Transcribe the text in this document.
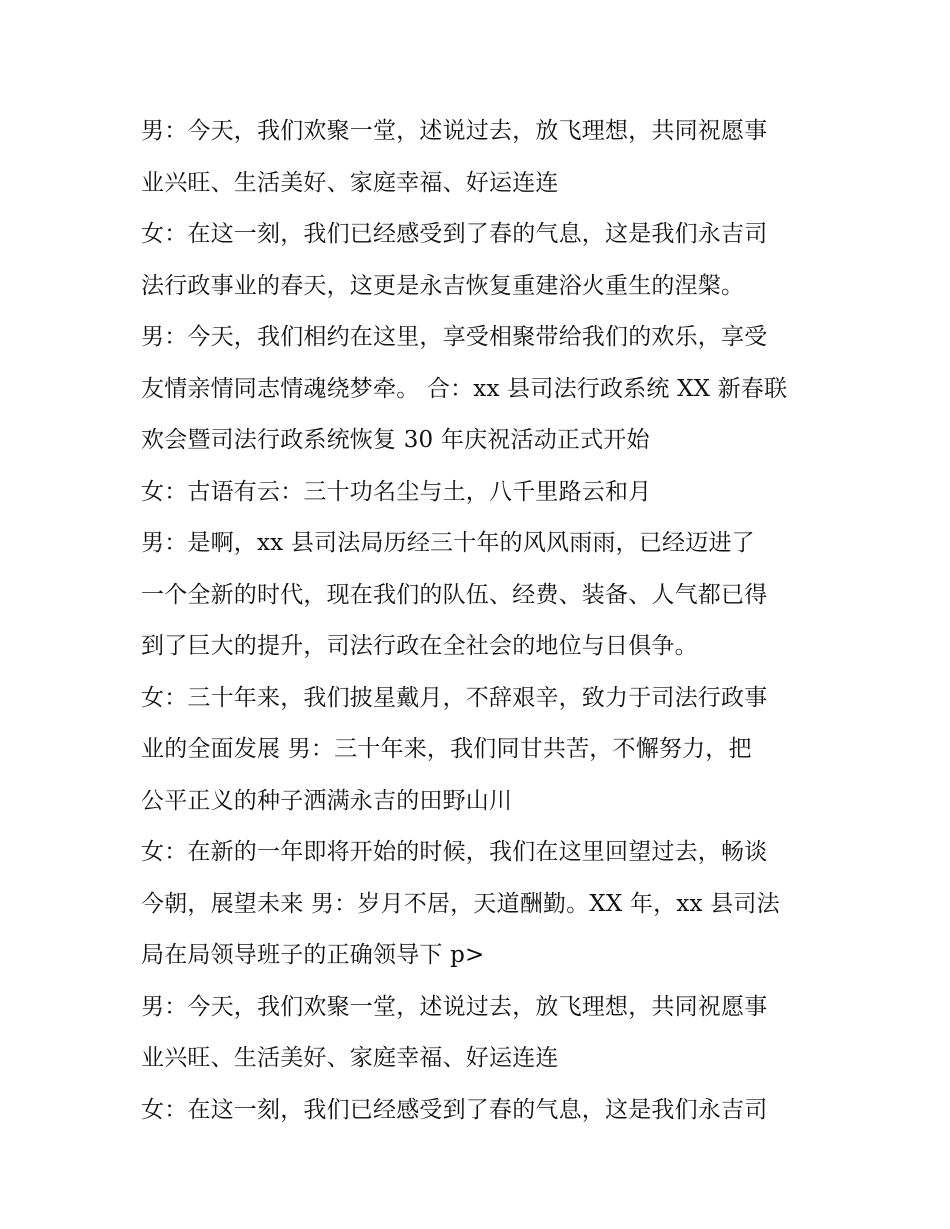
男：今天，我们欢聚一堂，述说过去，放飞理想，共同祝愿事
业兴旺、生活美好、家庭幸福、好运连连
女：在这一刻，我们已经感受到了春的气息，这是我们永吉司
法行政事业的春天，这更是永吉恢复重建浴火重生的涅槃。
男：今天，我们相约在这里，享受相聚带给我们的欢乐，享受
友情亲情同志情魂绕梦牵。 合：xx 县司法行政系统 XX 新春联
欢会暨司法行政系统恢复 30 年庆祝活动正式开始
女：古语有云：三十功名尘与土，八千里路云和月
男：是啊，xx 县司法局历经三十年的风风雨雨，已经迈进了
一个全新的时代，现在我们的队伍、经费、装备、人气都已得
到了巨大的提升，司法行政在全社会的地位与日俱争。
女：三十年来，我们披星戴月，不辞艰辛，致力于司法行政事
业的全面发展 男：三十年来，我们同甘共苦，不懈努力，把
公平正义的种子洒满永吉的田野山川
女：在新的一年即将开始的时候，我们在这里回望过去，畅谈
今朝，展望未来 男：岁月不居，天道酬勤。XX 年，xx 县司法
局在局领导班子的正确领导下 p>
男：今天，我们欢聚一堂，述说过去，放飞理想，共同祝愿事
业兴旺、生活美好、家庭幸福、好运连连
女：在这一刻，我们已经感受到了春的气息，这是我们永吉司
